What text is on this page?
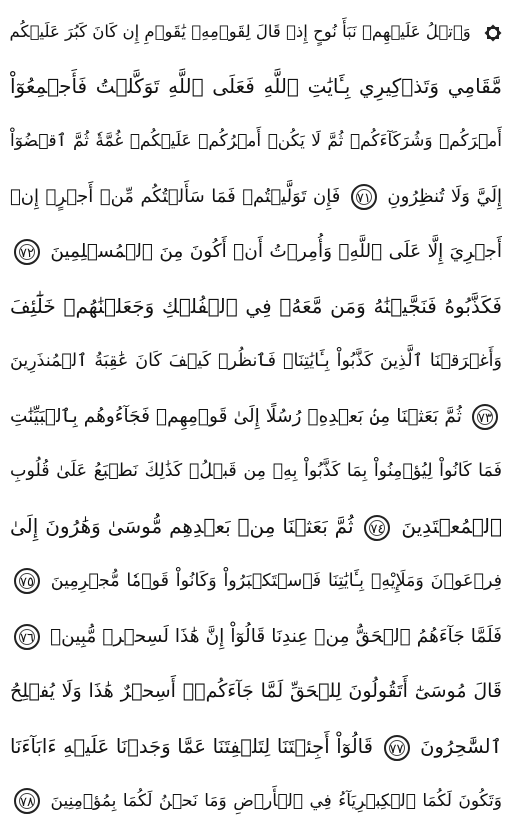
وَٱتۡلُ عَلَيۡهِمۡ نَبَأَ نُوحٍ إِذۡ قَالَ لِقَوۡمِهِۦ يَٰقَوۡمِ إِن كَانَ كَبُرَ عَلَيۡكُم
مَّقَامِي وَتَذۡكِيرِي بِـَٔايَٰتِ ٱللَّهِ فَعَلَى ٱللَّهِ تَوَكَّلۡتُ فَأَجۡمِعُوٓاْ
أَمۡرَكُمۡ وَشُرَكَآءَكُمۡ ثُمَّ لَا يَكُنۡ أَمۡرُكُمۡ عَلَيۡكُمۡ غُمَّةٗ ثُمَّ ٱقۡضُوٓاْ
إِلَيَّ وَلَا تُنظِرُونِ ٧١ فَإِن تَوَلَّيۡتُمۡ فَمَا سَأَلۡتُكُم مِّنۡ أَجۡرٍۖ إِنۡ
أَجۡرِيَ إِلَّا عَلَى ٱللَّهِۖ وَأُمِرۡتُ أَنۡ أَكُونَ مِنَ ٱلۡمُسۡلِمِينَ ٧٢
فَكَذَّبُوهُ فَنَجَّيۡنَٰهُ وَمَن مَّعَهُۥ فِي ٱلۡفُلۡكِ وَجَعَلۡنَٰهُمۡ خَلَٰٓئِفَ
وَأَغۡرَقۡنَا ٱلَّذِينَ كَذَّبُواْ بِـَٔايَٰتِنَاۖ فَٱنظُرۡ كَيۡفَ كَانَ عَٰقِبَةُ ٱلۡمُنذَرِينَ
٧٣ ثُمَّ بَعَثۡنَا مِنۢ بَعۡدِهِۦ رُسُلًا إِلَىٰ قَوۡمِهِمۡ فَجَآءُوهُم بِٱلۡبَيِّنَٰتِ
فَمَا كَانُواْ لِيُؤۡمِنُواْ بِمَا كَذَّبُواْ بِهِۦ مِن قَبۡلُۚ كَذَٰلِكَ نَطۡبَعُ عَلَىٰ قُلُوبِ
ٱلۡمُعۡتَدِينَ ٧٤ ثُمَّ بَعَثۡنَا مِنۢ بَعۡدِهِم مُّوسَىٰ وَهَٰرُونَ إِلَىٰ
فِرۡعَوۡنَ وَمَلَإِيْهِۦ بِـَٔايَٰتِنَا فَٱسۡتَكۡبَرُواْ وَكَانُواْ قَوۡمٗا مُّجۡرِمِينَ ٧٥
فَلَمَّا جَآءَهُمُ ٱلۡحَقُّ مِنۡ عِندِنَا قَالُوٓاْ إِنَّ هَٰذَا لَسِحۡرٞ مُّبِينٞ ٧٦
قَالَ مُوسَىٰٓ أَتَقُولُونَ لِلۡحَقِّ لَمَّا جَآءَكُمۡۖ أَسِحۡرٌ هَٰذَا وَلَا يُفۡلِحُ
ٱلسَّٰحِرُونَ ٧٧ قَالُوٓاْ أَجِئۡتَنَا لِتَلۡفِتَنَا عَمَّا وَجَدۡنَا عَلَيۡهِ ءَابَآءَنَا
وَتَكُونَ لَكُمَا ٱلۡكِبۡرِيَآءُ فِي ٱلۡأَرۡضِ وَمَا نَحۡنُ لَكُمَا بِمُؤۡمِنِينَ ٧٨
